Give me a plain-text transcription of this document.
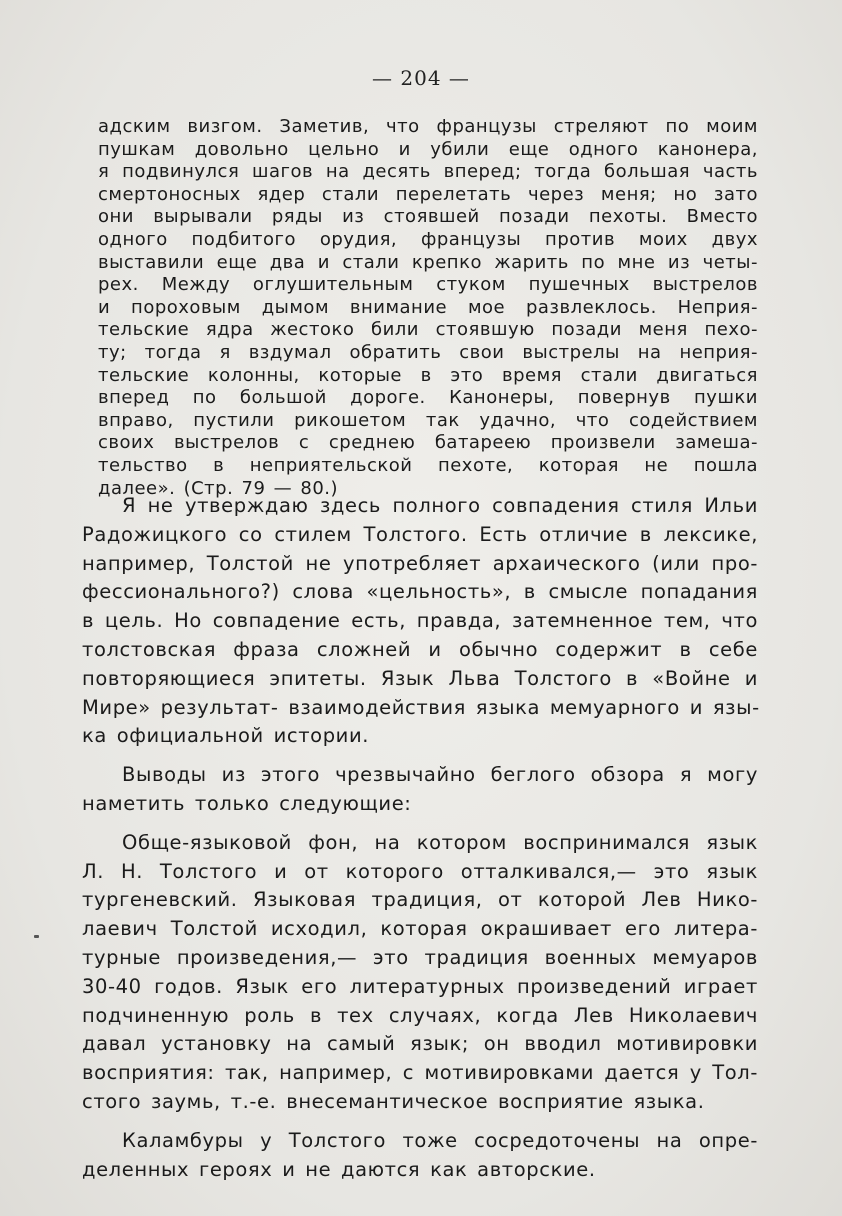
— 204 —
адским визгом. Заметив, что французы стреляют по моим
пушкам довольно цельно и убили еще одного канонера,
я подвинулся шагов на десять вперед; тогда большая часть
смертоносных ядер стали перелетать через меня; но зато
они вырывали ряды из стоявшей позади пехоты. Вместо
одного подбитого орудия, французы против моих двух
выставили еще два и стали крепко жарить по мне из четы-
рех. Между оглушительным стуком пушечных выстрелов
и пороховым дымом внимание мое развлеклось. Неприя-
тельские ядра жестоко били стоявшую позади меня пехо-
ту; тогда я вздумал обратить свои выстрелы на неприя-
тельские колонны, которые в это время стали двигаться
вперед по большой дороге. Канонеры, повернув пушки
вправо, пустили рикошетом так удачно, что содействием
своих выстрелов с среднею батареею произвели замеша-
тельство в неприятельской пехоте, которая не пошла
далее». (Стр. 79 — 80.)
Я не утверждаю здесь полного совпадения стиля Ильи
Радожицкого со стилем Толстого. Есть отличие в лексике,
например, Толстой не употребляет архаического (или про-
фессионального?) слова «цельность», в смысле попадания
в цель. Но совпадение есть, правда, затемненное тем, что
толстовская фраза сложней и обычно содержит в себе
повторяющиеся эпитеты. Язык Льва Толстого в «Войне и
Мире» результат- взаимодействия языка мемуарного и язы-
ка официальной истории.
Выводы из этого чрезвычайно беглого обзора я могу
наметить только следующие:
Обще-языковой фон, на котором воспринимался язык
Л. Н. Толстого и от которого отталкивался,— это язык
тургеневский. Языковая традиция, от которой Лев Нико-
лаевич Толстой исходил, которая окрашивает его литера-
турные произведения,— это традиция военных мемуаров
30-40 годов. Язык его литературных произведений играет
подчиненную роль в тех случаях, когда Лев Николаевич
давал установку на самый язык; он вводил мотивировки
восприятия: так, например, с мотивировками дается у Тол-
стого заумь, т.-е. внесемантическое восприятие языка.
Каламбуры у Толстого тоже сосредоточены на опре-
деленных героях и не даются как авторские.
